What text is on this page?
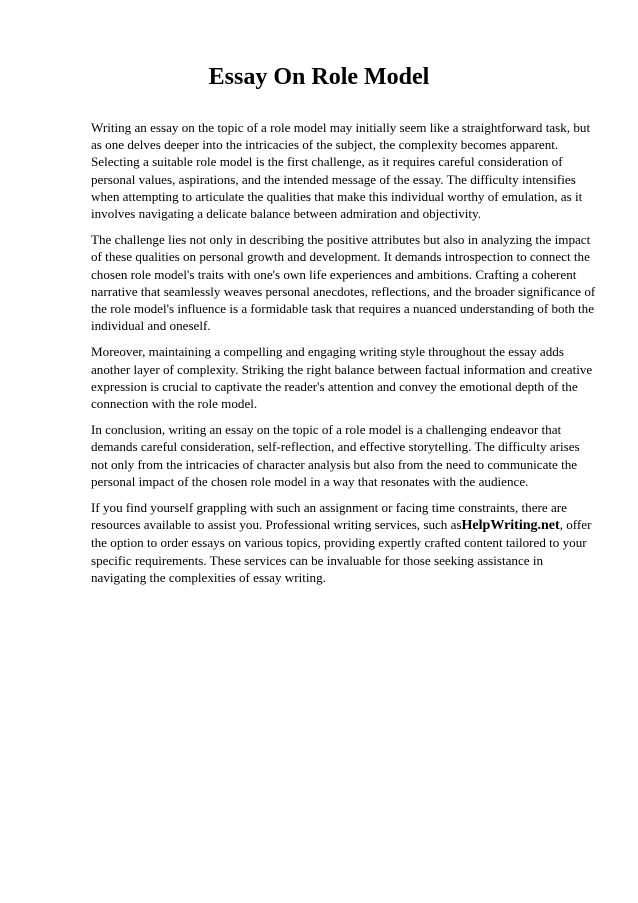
Essay On Role Model

Writing an essay on the topic of a role model may initially seem like a straightforward task, but as one delves deeper into the intricacies of the subject, the complexity becomes apparent. Selecting a suitable role model is the first challenge, as it requires careful consideration of personal values, aspirations, and the intended message of the essay. The difficulty intensifies when attempting to articulate the qualities that make this individual worthy of emulation, as it involves navigating a delicate balance between admiration and objectivity.

The challenge lies not only in describing the positive attributes but also in analyzing the impact of these qualities on personal growth and development. It demands introspection to connect the chosen role model's traits with one's own life experiences and ambitions. Crafting a coherent narrative that seamlessly weaves personal anecdotes, reflections, and the broader significance of the role model's influence is a formidable task that requires a nuanced understanding of both the individual and oneself.

Moreover, maintaining a compelling and engaging writing style throughout the essay adds another layer of complexity. Striking the right balance between factual information and creative expression is crucial to captivate the reader's attention and convey the emotional depth of the connection with the role model.

In conclusion, writing an essay on the topic of a role model is a challenging endeavor that demands careful consideration, self-reflection, and effective storytelling. The difficulty arises not only from the intricacies of character analysis but also from the need to communicate the personal impact of the chosen role model in a way that resonates with the audience.

If you find yourself grappling with such an assignment or facing time constraints, there are resources available to assist you. Professional writing services, such asHelpWriting.net, offer the option to order essays on various topics, providing expertly crafted content tailored to your specific requirements. These services can be invaluable for those seeking assistance in navigating the complexities of essay writing.
